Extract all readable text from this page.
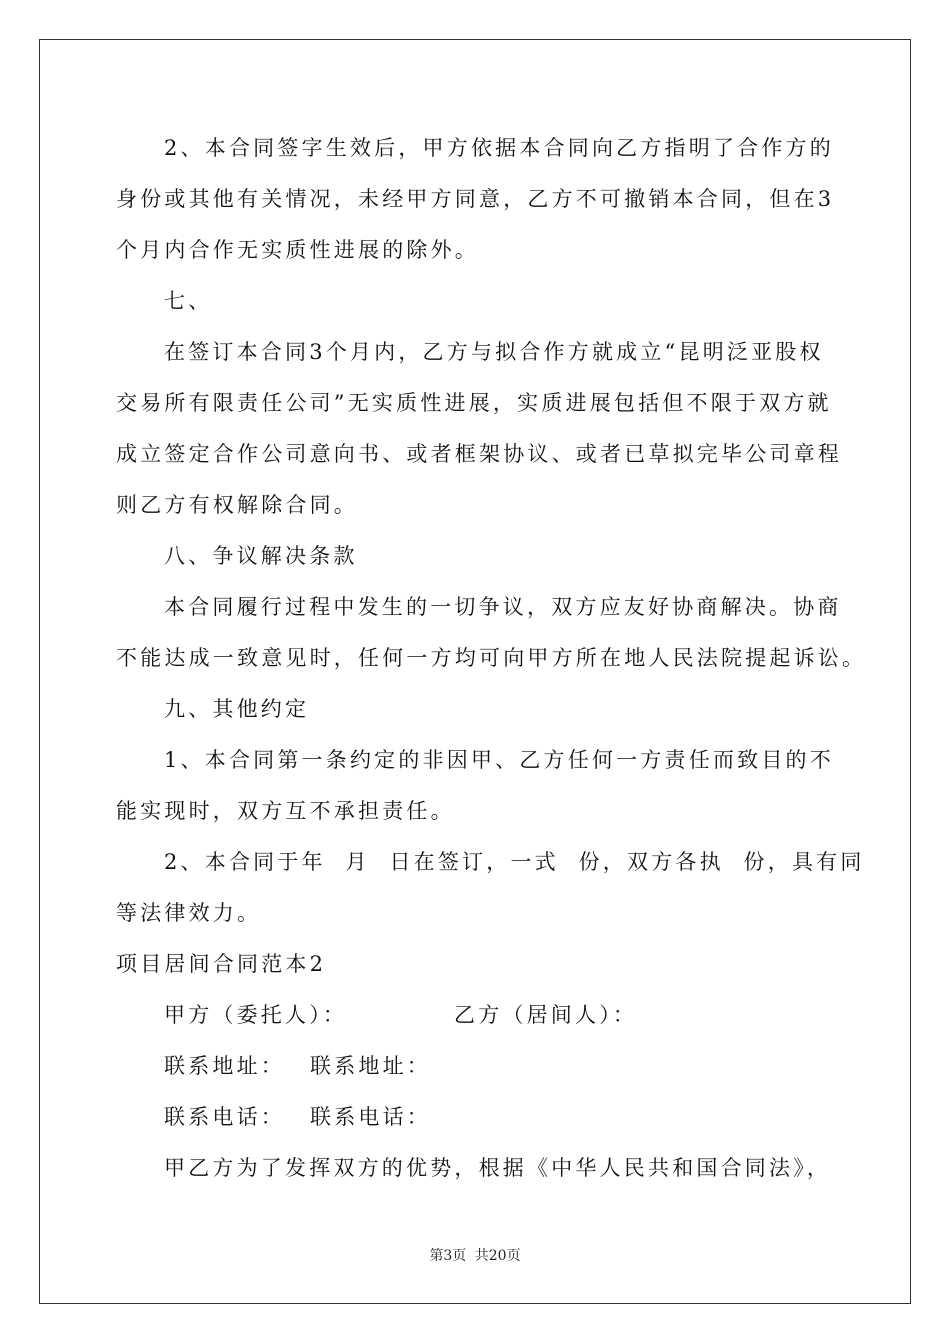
2、本合同签字生效后，甲方依据本合同向乙方指明了合作方的
身份或其他有关情况，未经甲方同意，乙方不可撤销本合同，但在3
个月内合作无实质性进展的除外。
七、
在签订本合同3个月内，乙方与拟合作方就成立“昆明泛亚股权
交易所有限责任公司”无实质性进展，实质进展包括但不限于双方就
成立签定合作公司意向书、或者框架协议、或者已草拟完毕公司章程
则乙方有权解除合同。
八、争议解决条款
本合同履行过程中发生的一切争议，双方应友好协商解决。协商
不能达成一致意见时，任何一方均可向甲方所在地人民法院提起诉讼。
九、其他约定
1、本合同第一条约定的非因甲、乙方任何一方责任而致目的不
能实现时，双方互不承担责任。
2、本合同于年  月  日在签订，一式  份，双方各执  份，具有同
等法律效力。
项目居间合同范本2
甲方（委托人）：	乙方（居间人）：
联系地址： 联系地址：
联系电话： 联系电话：
甲乙方为了发挥双方的优势，根据《中华人民共和国合同法》，
第3页 共20页
